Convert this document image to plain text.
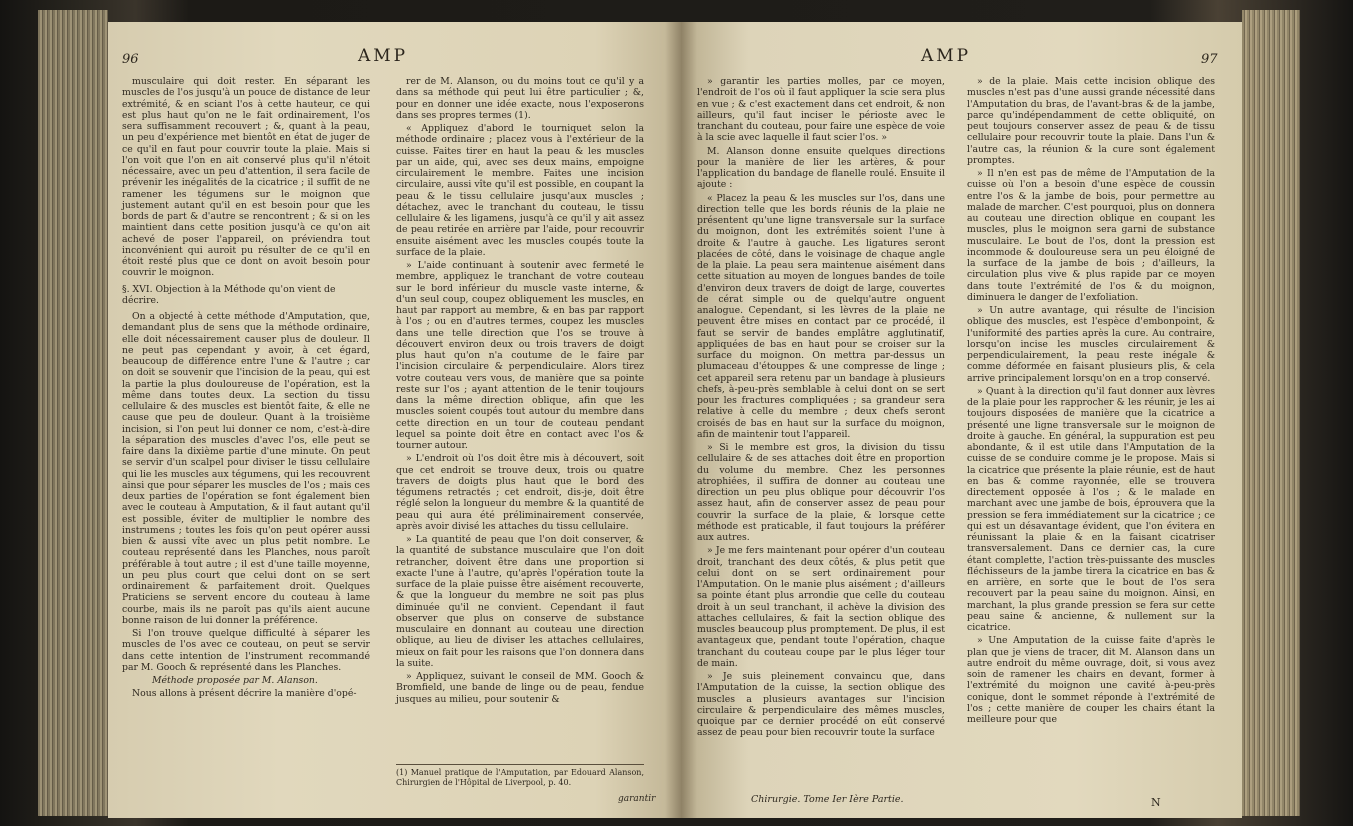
96	AMP

musculaire qui doit rester. En séparant les muscles de l'os jusqu'à un pouce de distance de leur extrémité, & en sciant l'os à cette hauteur, ce qui est plus haut qu'on ne le fait ordinairement, l'os sera suffisamment recouvert ; &, quant à la peau, un peu d'expérience met bientôt en état de juger de ce qu'il en faut pour couvrir toute la plaie. Mais si l'on voit que l'on en ait conservé plus qu'il n'étoit nécessaire, avec un peu d'attention, il sera facile de prévenir les inégalités de la cicatrice ; il suffit de ne ramener les tégumens sur le moignon que justement autant qu'il en est besoin pour que les bords de part & d'autre se rencontrent ; & si on les maintient dans cette position jusqu'à ce qu'on ait achevé de poser l'appareil, on préviendra tout inconvénient qui auroit pu résulter de ce qu'il en étoit resté plus que ce dont on avoit besoin pour couvrir le moignon.

§. XVI. Objection à la Méthode qu'on vient de décrire.

On a objecté à cette méthode d'Amputation, que, demandant plus de sens que la méthode ordinaire, elle doit nécessairement causer plus de douleur. Il ne peut pas cependant y avoir, à cet égard, beaucoup de différence entre l'une & l'autre ; car on doit se souvenir que l'incision de la peau, qui est la partie la plus douloureuse de l'opération, est la même dans toutes deux. La section du tissu cellulaire & des muscles est bientôt faite, & elle ne cause que peu de douleur. Quant à la troisième incision, si l'on peut lui donner ce nom, c'est-à-dire la séparation des muscles d'avec l'os, elle peut se faire dans la dixième partie d'une minute. On peut se servir d'un scalpel pour diviser le tissu cellulaire qui lie les muscles aux tégumens, qui les recouvrent ainsi que pour séparer les muscles de l'os ; mais ces deux parties de l'opération se font également bien avec le couteau à Amputation, & il faut autant qu'il est possible, éviter de multiplier le nombre des instrumens ; toutes les fois qu'on peut opérer aussi bien & aussi vîte avec un plus petit nombre. Le couteau représenté dans les Planches, nous paroît préférable à tout autre ; il est d'une taille moyenne, un peu plus court que celui dont on se sert ordinairement & parfaitement droit. Quelques Praticiens se servent encore du couteau à lame courbe, mais ils ne paroît pas qu'ils aient aucune bonne raison de lui donner la préférence.

Si l'on trouve quelque difficulté à séparer les muscles de l'os avec ce couteau, on peut se servir dans cette intention de l'instrument recommandé par M. Gooch & représenté dans les Planches.

Méthode proposée par M. Alanson.

Nous allons à présent décrire la manière d'opé-

rer de M. Alanson, ou du moins tout ce qu'il y a dans sa méthode qui peut lui être particulier ; &, pour en donner une idée exacte, nous l'exposerons dans ses propres termes (1).

« Appliquez d'abord le tourniquet selon la méthode ordinaire ; placez vous à l'extérieur de la cuisse. Faites tirer en haut la peau & les muscles par un aide, qui, avec ses deux mains, empoigne circulairement le membre. Faites une incision circulaire, aussi vîte qu'il est possible, en coupant la peau & le tissu cellulaire jusqu'aux muscles ; détachez, avec le tranchant du couteau, le tissu cellulaire & les ligamens, jusqu'à ce qu'il y ait assez de peau retirée en arrière par l'aide, pour recouvrir ensuite aisément avec les muscles coupés toute la surface de la plaie.

» L'aide continuant à soutenir avec fermeté le membre, appliquez le tranchant de votre couteau sur le bord inférieur du muscle vaste interne, & d'un seul coup, coupez obliquement les muscles, en haut par rapport au membre, & en bas par rapport à l'os ; ou en d'autres termes, coupez les muscles dans une telle direction que l'os se trouve à découvert environ deux ou trois travers de doigt plus haut qu'on n'a coutume de le faire par l'incision circulaire & perpendiculaire. Alors tirez votre couteau vers vous, de manière que sa pointe reste sur l'os ; ayant attention de le tenir toujours dans la même direction oblique, afin que les muscles soient coupés tout autour du membre dans cette direction en un tour de couteau pendant lequel sa pointe doit être en contact avec l'os & tourner autour.

» L'endroit où l'os doit être mis à découvert, soit que cet endroit se trouve deux, trois ou quatre travers de doigts plus haut que le bord des tégumens retractés ; cet endroit, dis-je, doit être réglé selon la longueur du membre & la quantité de peau qui aura été préliminairement conservée, après avoir divisé les attaches du tissu cellulaire.

» La quantité de peau que l'on doit conserver, & la quantité de substance musculaire que l'on doit retrancher, doivent être dans une proportion si exacte l'une à l'autre, qu'après l'opération toute la surface de la plaie puisse être aisément recouverte, & que la longueur du membre ne soit pas plus diminuée qu'il ne convient. Cependant il faut observer que plus on conserve de substance musculaire en donnant au couteau une direction oblique, au lieu de diviser les attaches cellulaires, mieux on fait pour les raisons que l'on donnera dans la suite.

» Appliquez, suivant le conseil de MM. Gooch & Bromfield, une bande de linge ou de peau, fendue jusques au milieu, pour soutenir &

(1) Manuel pratique de l'Amputation, par Edouard Alanson, Chirurgien de l'Hôpital de Liverpool, p. 40.
garantir
AMP	97

» garantir les parties molles, par ce moyen, l'endroit de l'os où il faut appliquer la scie sera plus en vue ; & c'est exactement dans cet endroit, & non ailleurs, qu'il faut inciser le périoste avec le tranchant du couteau, pour faire une espèce de voie à la scie avec laquelle il faut scier l'os. »

M. Alanson donne ensuite quelques directions pour la manière de lier les artères, & pour l'application du bandage de flanelle roulé. Ensuite il ajoute :

« Placez la peau & les muscles sur l'os, dans une direction telle que les bords réunis de la plaie ne présentent qu'une ligne transversale sur la surface du moignon, dont les extrémités soient l'une à droite & l'autre à gauche. Les ligatures seront placées de côté, dans le voisinage de chaque angle de la plaie. La peau sera maintenue aisément dans cette situation au moyen de longues bandes de toile d'environ deux travers de doigt de large, couvertes de cérat simple ou de quelqu'autre onguent analogue. Cependant, si les lèvres de la plaie ne peuvent être mises en contact par ce procédé, il faut se servir de bandes emplâtre agglutinatif, appliquées de bas en haut pour se croiser sur la surface du moignon. On mettra par-dessus un plumaceau d'étouppes & une compresse de linge ; cet appareil sera retenu par un bandage à plusieurs chefs, à-peu-près semblable à celui dont on se sert pour les fractures compliquées ; sa grandeur sera relative à celle du membre ; deux chefs seront croisés de bas en haut sur la surface du moignon, afin de maintenir tout l'appareil.

» Si le membre est gros, la division du tissu cellulaire & de ses attaches doit être en proportion du volume du membre. Chez les personnes atrophiées, il suffira de donner au couteau une direction un peu plus oblique pour découvrir l'os assez haut, afin de conserver assez de peau pour couvrir la surface de la plaie, & lorsque cette méthode est praticable, il faut toujours la préférer aux autres.

» Je me fers maintenant pour opérer d'un couteau droit, tranchant des deux côtés, & plus petit que celui dont on se sert ordinairement pour l'Amputation. On le manie plus aisément ; d'ailleurs sa pointe étant plus arrondie que celle du couteau droit à un seul tranchant, il achève la division des attaches cellulaires, & fait la section oblique des muscles beaucoup plus promptement. De plus, il est avantageux que, pendant toute l'opération, chaque tranchant du couteau coupe par le plus léger tour de main.

» Je suis pleinement convaincu que, dans l'Amputation de la cuisse, la section oblique des muscles a plusieurs avantages sur l'incision circulaire & perpendiculaire des mêmes muscles, quoique par ce dernier procédé on eût conservé assez de peau pour bien recouvrir toute la surface

» de la plaie. Mais cette incision oblique des muscles n'est pas d'une aussi grande nécessité dans l'Amputation du bras, de l'avant-bras & de la jambe, parce qu'indépendamment de cette obliquité, on peut toujours conserver assez de peau & de tissu cellulaire pour recouvrir toute la plaie. Dans l'un & l'autre cas, la réunion & la cure sont également promptes.

» Il n'en est pas de même de l'Amputation de la cuisse où l'on a besoin d'une espèce de coussin entre l'os & la jambe de bois, pour permettre au malade de marcher. C'est pourquoi, plus on donnera au couteau une direction oblique en coupant les muscles, plus le moignon sera garni de substance musculaire. Le bout de l'os, dont la pression est incommode & douloureuse sera un peu éloigné de la surface de la jambe de bois ; d'ailleurs, la circulation plus vive & plus rapide par ce moyen dans toute l'extrémité de l'os & du moignon, diminuera le danger de l'exfoliation.

» Un autre avantage, qui résulte de l'incision oblique des muscles, est l'espèce d'embonpoint, & l'uniformité des parties après la cure. Au contraire, lorsqu'on incise les muscles circulairement & perpendiculairement, la peau reste inégale & comme déformée en faisant plusieurs plis, & cela arrive principalement lorsqu'on en a trop conservé.

» Quant à la direction qu'il faut donner aux lèvres de la plaie pour les rapprocher & les réunir, je les ai toujours disposées de manière que la cicatrice a présenté une ligne transversale sur le moignon de droite à gauche. En général, la suppuration est peu abondante, & il est utile dans l'Amputation de la cuisse de se conduire comme je le propose. Mais si la cicatrice que présente la plaie réunie, est de haut en bas & comme rayonnée, elle se trouvera directement opposée à l'os ; & le malade en marchant avec une jambe de bois, éprouvera que la pression se fera immédiatement sur la cicatrice ; ce qui est un désavantage évident, que l'on évitera en réunissant la plaie & en la faisant cicatriser transversalement. Dans ce dernier cas, la cure étant complette, l'action très-puissante des muscles fléchisseurs de la jambe tirera la cicatrice en bas & en arrière, en sorte que le bout de l'os sera recouvert par la peau saine du moignon. Ainsi, en marchant, la plus grande pression se fera sur cette peau saine & ancienne, & nullement sur la cicatrice.

» Une Amputation de la cuisse faite d'après le plan que je viens de tracer, dit M. Alanson dans un autre endroit du même ouvrage, doit, si vous avez soin de ramener les chairs en devant, former à l'extrémité du moignon une cavité à-peu-près conique, dont le sommet réponde à l'extrémité de l'os ; cette manière de couper les chairs étant la meilleure pour que

Chirurgie. Tome Ier Ière Partie.	N
